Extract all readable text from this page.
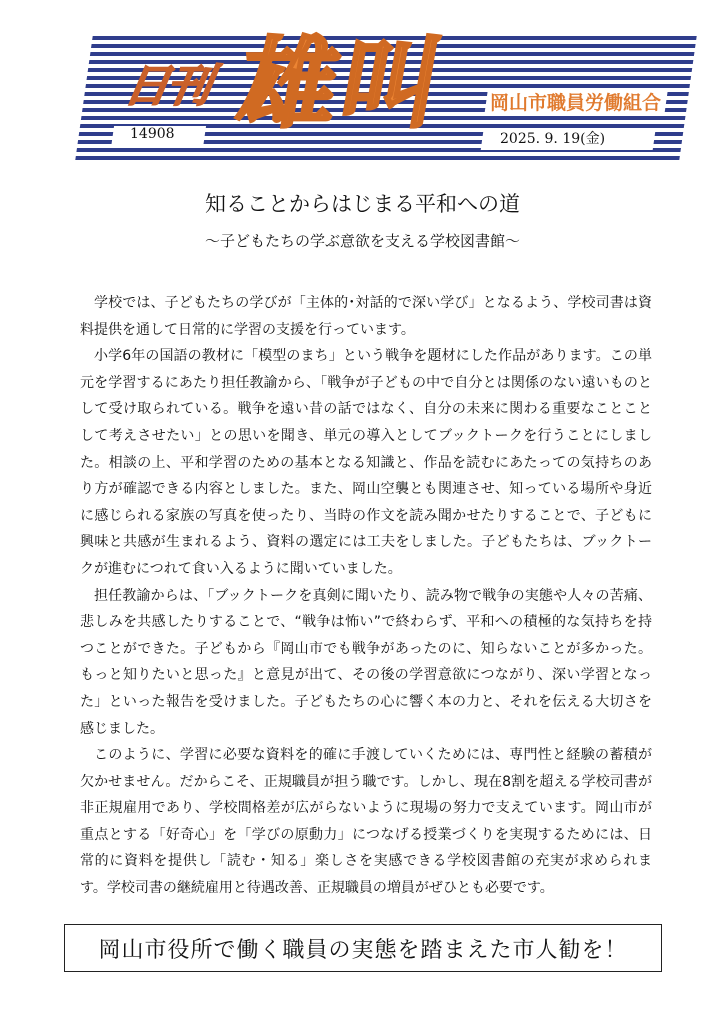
日刊 雄叫	岡山市職員労働組合
14908	2025. 9. 19(金)
知ることからはじまる平和への道
～子どもたちの学ぶ意欲を支える学校図書館～

学校では、子どもたちの学びが「主体的･対話的で深い学び」となるよう、学校司書は資料提供を通して日常的に学習の支援を行っています。

小学6年の国語の教材に「模型のまち」という戦争を題材にした作品があります。この単元を学習するにあたり担任教諭から、「戦争が子どもの中で自分とは関係のない遠いものとして受け取られている。戦争を遠い昔の話ではなく、自分の未来に関わる重要なことことして考えさせたい」との思いを聞き、単元の導入としてブックトークを行うことにしました。相談の上、平和学習のための基本となる知識と、作品を読むにあたっての気持ちのあり方が確認できる内容としました。また、岡山空襲とも関連させ、知っている場所や身近に感じられる家族の写真を使ったり、当時の作文を読み聞かせたりすることで、子どもに興味と共感が生まれるよう、資料の選定には工夫をしました。子どもたちは、ブックトークが進むにつれて食い入るように聞いていました。

担任教諭からは、「ブックトークを真剣に聞いたり、読み物で戦争の実態や人々の苦痛、悲しみを共感したりすることで、“戦争は怖い”で終わらず、平和への積極的な気持ちを持つことができた。子どもから『岡山市でも戦争があったのに、知らないことが多かった。もっと知りたいと思った』と意見が出て、その後の学習意欲につながり、深い学習となった」といった報告を受けました。子どもたちの心に響く本の力と、それを伝える大切さを感じました。

このように、学習に必要な資料を的確に手渡していくためには、専門性と経験の蓄積が欠かせません。だからこそ、正規職員が担う職です。しかし、現在8割を超える学校司書が非正規雇用であり、学校間格差が広がらないように現場の努力で支えています。岡山市が重点とする「好奇心」を「学びの原動力」につなげる授業づくりを実現するためには、日常的に資料を提供し「読む・知る」楽しさを実感できる学校図書館の充実が求められます。学校司書の継続雇用と待遇改善、正規職員の増員がぜひとも必要です。

岡山市役所で働く職員の実態を踏まえた市人勧を！
